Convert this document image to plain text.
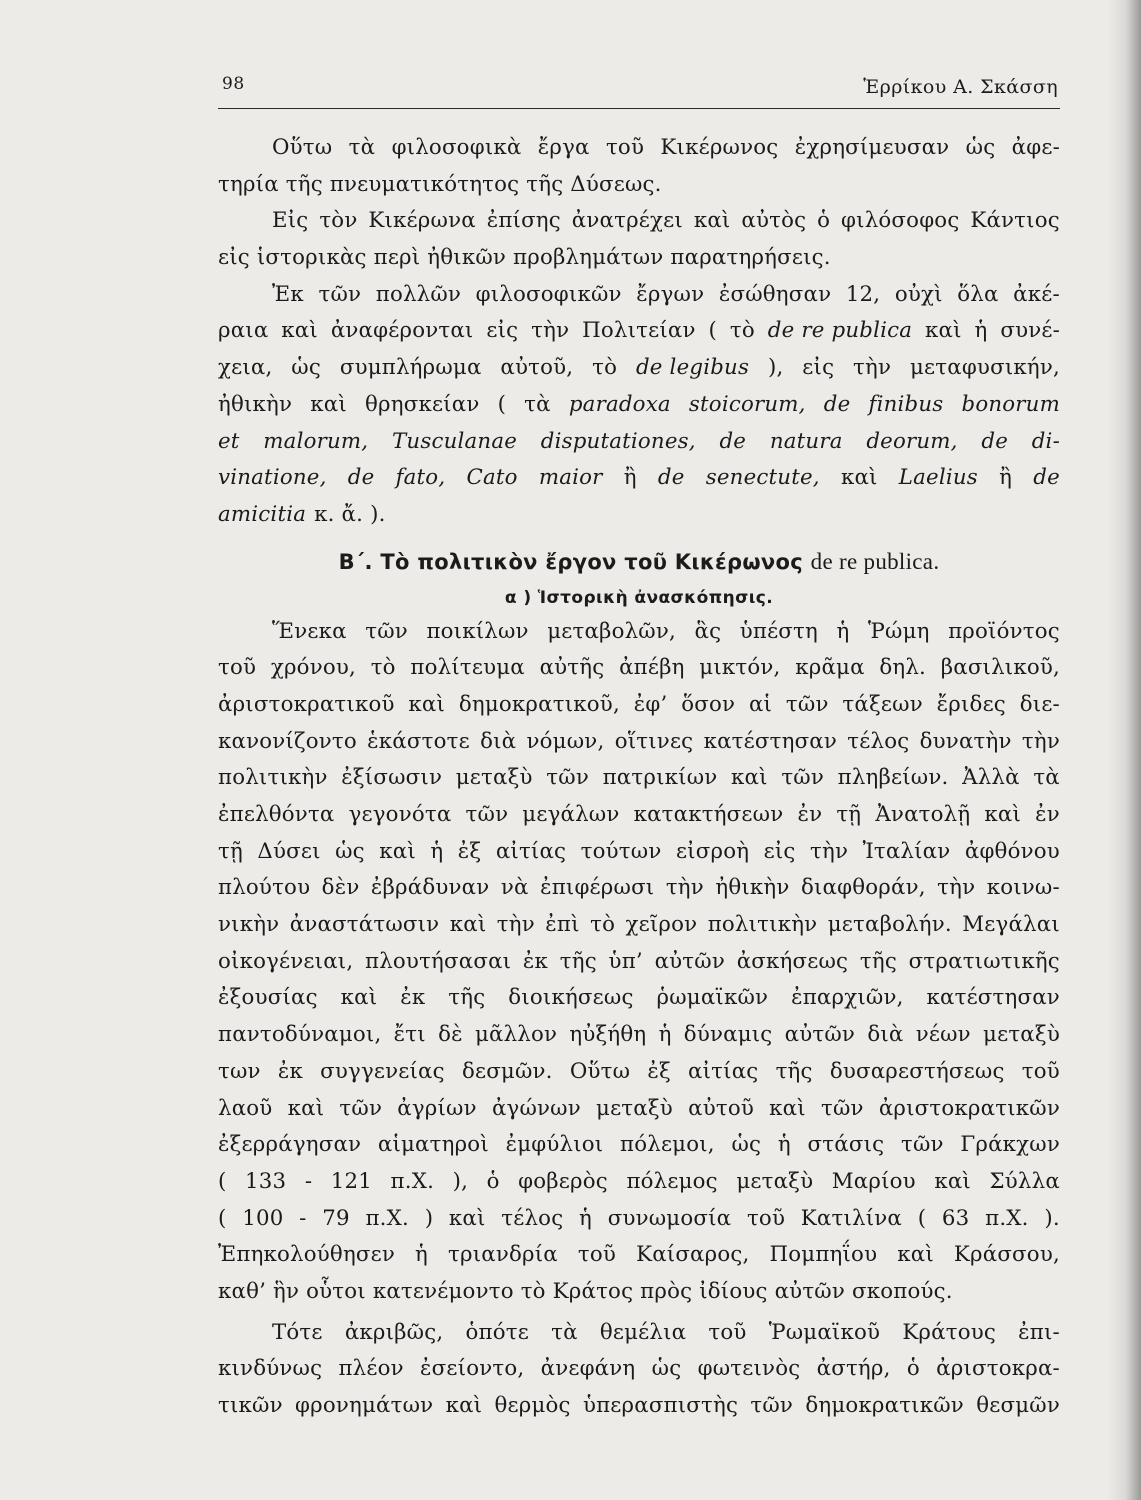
98	Ἑρρίκου Α. Σκάσση
Οὕτω τὰ φιλοσοφικὰ ἔργα τοῦ Κικέρωνος ἐχρησίμευσαν ὡς ἀφε-
τηρία τῆς πνευματικότητος τῆς Δύσεως.
Εἰς τὸν Κικέρωνα ἐπίσης ἀνατρέχει καὶ αὐτὸς ὁ φιλόσοφος Κάντιος
εἰς ἱστορικὰς περὶ ἠθικῶν προβλημάτων παρατηρήσεις.
Ἐκ τῶν πολλῶν φιλοσοφικῶν ἔργων ἐσώθησαν 12, οὐχὶ ὅλα ἀκέ-
ραια καὶ ἀναφέρονται εἰς τὴν Πολιτείαν ( τὸ de re publica καὶ ἡ συνέ-
χεια, ὡς συμπλήρωμα αὐτοῦ, τὸ de legibus ), εἰς τὴν μεταφυσικήν,
ἠθικὴν καὶ θρησκείαν ( τὰ paradoxa stoicorum, de finibus bonorum
et malorum, Tusculanae disputationes, de natura deorum, de di-
vinatione, de fato, Cato maior ἢ de senectute, καὶ Laelius ἢ de
amicitia κ. ἄ. ).
Β΄. Τὸ πολιτικὸν ἔργον τοῦ Κικέρωνος de re publica.
α ) Ἱστορικὴ ἀνασκόπησις.
Ἕνεκα τῶν ποικίλων μεταβολῶν, ἃς ὑπέστη ἡ Ῥώμη προϊόντος
τοῦ χρόνου, τὸ πολίτευμα αὐτῆς ἀπέβη μικτόν, κρᾶμα δηλ. βασιλικοῦ,
ἀριστοκρατικοῦ καὶ δημοκρατικοῦ, ἐφ’ ὅσον αἱ τῶν τάξεων ἔριδες διε-
κανονίζοντο ἑκάστοτε διὰ νόμων, οἵτινες κατέστησαν τέλος δυνατὴν τὴν
πολιτικὴν ἐξίσωσιν μεταξὺ τῶν πατρικίων καὶ τῶν πληβείων. Ἀλλὰ τὰ
ἐπελθόντα γεγονότα τῶν μεγάλων κατακτήσεων ἐν τῇ Ἀνατολῇ καὶ ἐν
τῇ Δύσει ὡς καὶ ἡ ἐξ αἰτίας τούτων εἰσροὴ εἰς τὴν Ἰταλίαν ἀφθόνου
πλούτου δὲν ἐβράδυναν νὰ ἐπιφέρωσι τὴν ἠθικὴν διαφθοράν, τὴν κοινω-
νικὴν ἀναστάτωσιν καὶ τὴν ἐπὶ τὸ χεῖρον πολιτικὴν μεταβολήν. Μεγάλαι
οἰκογένειαι, πλουτήσασαι ἐκ τῆς ὑπ’ αὐτῶν ἀσκήσεως τῆς στρατιωτικῆς
ἐξουσίας καὶ ἐκ τῆς διοικήσεως ῥωμαϊκῶν ἐπαρχιῶν, κατέστησαν
παντοδύναμοι, ἔτι δὲ μᾶλλον ηὐξήθη ἡ δύναμις αὐτῶν διὰ νέων μεταξὺ
των ἐκ συγγενείας δεσμῶν. Οὕτω ἐξ αἰτίας τῆς δυσαρεστήσεως τοῦ
λαοῦ καὶ τῶν ἀγρίων ἀγώνων μεταξὺ αὐτοῦ καὶ τῶν ἀριστοκρατικῶν
ἐξερράγησαν αἱματηροὶ ἐμφύλιοι πόλεμοι, ὡς ἡ στάσις τῶν Γράκχων
( 133 - 121 π.Χ. ), ὁ φοβερὸς πόλεμος μεταξὺ Μαρίου καὶ Σύλλα
( 100 - 79 π.Χ. ) καὶ τέλος ἡ συνωμοσία τοῦ Κατιλίνα ( 63 π.Χ. ).
Ἐπηκολούθησεν ἡ τριανδρία τοῦ Καίσαρος, Πομπηΐου καὶ Κράσσου,
καθ’ ἣν οὗτοι κατενέμοντο τὸ Κράτος πρὸς ἰδίους αὐτῶν σκοπούς.
Τότε ἀκριβῶς, ὁπότε τὰ θεμέλια τοῦ Ῥωμαϊκοῦ Κράτους ἐπι-
κινδύνως πλέον ἐσείοντο, ἀνεφάνη ὡς φωτεινὸς ἀστήρ, ὁ ἀριστοκρα-
τικῶν φρονημάτων καὶ θερμὸς ὑπερασπιστὴς τῶν δημοκρατικῶν θεσμῶν
